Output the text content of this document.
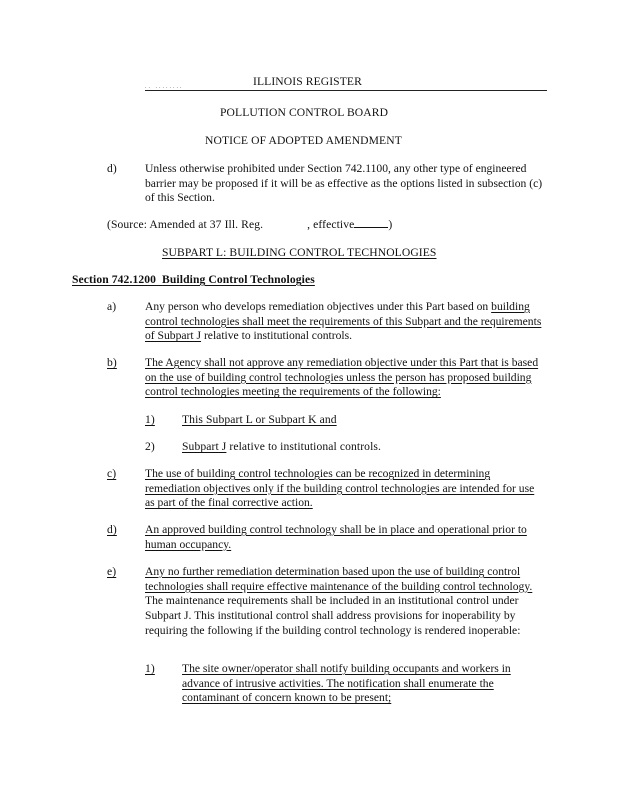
.. ........	ILLINOIS REGISTER
POLLUTION CONTROL BOARD
NOTICE OF ADOPTED AMENDMENT
d) Unless otherwise prohibited under Section 742.1100, any other type of engineered barrier may be proposed if it will be as effective as the options listed in subsection (c) of this Section.
(Source: Amended at 37 Ill. Reg.	, effective	)
SUBPART L: BUILDING CONTROL TECHNOLOGIES
Section 742.1200 Building Control Technologies
a) Any person who develops remediation objectives under this Part based on building control technologies shall meet the requirements of this Subpart and the requirements of Subpart J relative to institutional controls.
b) The Agency shall not approve any remediation objective under this Part that is based on the use of building control technologies unless the person has proposed building control technologies meeting the requirements of the following:
1) This Subpart L or Subpart K and
2) Subpart J relative to institutional controls.
c) The use of building control technologies can be recognized in determining remediation objectives only if the building control technologies are intended for use as part of the final corrective action.
d) An approved building control technology shall be in place and operational prior to human occupancy.
e) Any no further remediation determination based upon the use of building control technologies shall require effective maintenance of the building control technology. The maintenance requirements shall be included in an institutional control under Subpart J. This institutional control shall address provisions for inoperability by requiring the following if the building control technology is rendered inoperable:
1) The site owner/operator shall notify building occupants and workers in advance of intrusive activities. The notification shall enumerate the contaminant of concern known to be present;
